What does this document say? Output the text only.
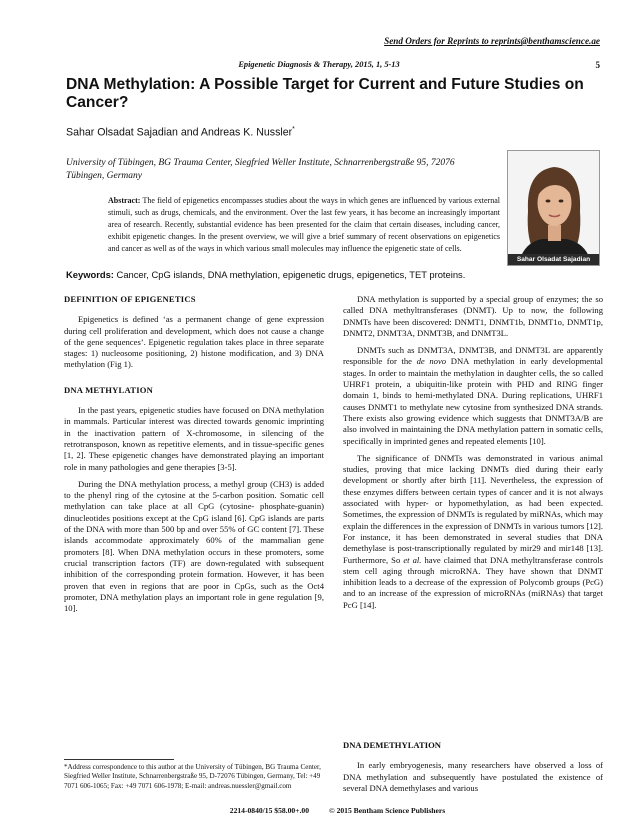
Send Orders for Reprints to reprints@benthamscience.ae
Epigenetic Diagnosis & Therapy, 2015, 1, 5-13	5
DNA Methylation: A Possible Target for Current and Future Studies on Cancer?
Sahar Olsadat Sajadian and Andreas K. Nussler*
University of Tübingen, BG Trauma Center, Siegfried Weller Institute, Schnarrenbergstraße 95, 72076 Tübingen, Germany
Abstract: The field of epigenetics encompasses studies about the ways in which genes are influenced by various external stimuli, such as drugs, chemicals, and the environment. Over the last few years, it has become an increasingly important area of research. Recently, substantial evidence has been presented for the claim that certain diseases, including cancer, exhibit epigenetic changes. In the present overview, we will give a brief summary of recent observations on epigenetics and cancer as well as of the ways in which various small molecules may influence the epigenetic state of cells.
Sahar Olsadat Sajadian
Keywords: Cancer, CpG islands, DNA methylation, epigenetic drugs, epigenetics, TET proteins.
DEFINITION OF EPIGENETICS

Epigenetics is defined ‘as a permanent change of gene expression during cell proliferation and development, which does not cause a change of the gene sequences’. Epigenetic regulation takes place in three separate stages: 1) nucleosome positioning, 2) histone modification, and 3) DNA methylation (Fig 1).

DNA METHYLATION

In the past years, epigenetic studies have focused on DNA methylation in mammals. Particular interest was directed towards genomic imprinting in the inactivation pattern of X-chromosome, in silencing of the retrotransposon, known as repetitive elements, and in tissue-specific genes [1, 2]. These epigenetic changes have demonstrated playing an important role in many pathologies and gene therapies [3-5].

During the DNA methylation process, a methyl group (CH3) is added to the phenyl ring of the cytosine at the 5-carbon position. Somatic cell methylation can take place at all CpG (cytosine- phosphate-guanin) dinucleotides positions except at the CpG island [6]. CpG islands are parts of the DNA with more than 500 bp and over 55% of GC content [7]. These islands accommodate approximately 60% of the mammalian gene promoters [8]. When DNA methylation occurs in these promoters, some crucial transcription factors (TF) are down-regulated with subsequent inhibition of the corresponding protein formation. However, it has been proven that even in regions that are poor in CpGs, such as the Oct4 promoter, DNA methylation plays an important role in gene regulation [9, 10].

DNA methylation is supported by a special group of enzymes; the so called DNA methyltransferases (DNMT). Up to now, the following DNMTs have been discovered: DNMT1, DNMT1b, DNMT1o, DNMT1p, DNMT2, DNMT3A, DNMT3B, and DNMT3L.

DNMTs such as DNMT3A, DNMT3B, and DNMT3L are apparently responsible for the de novo DNA methylation in early developmental stages. In order to maintain the methylation in daughter cells, the so called UHRF1 protein, a ubiquitin-like protein with PHD and RING finger domain 1, binds to hemi-methylated DNA. During replications, UHRF1 causes DNMT1 to methylate new cytosine from synthesized DNA strands. There exists also growing evidence which suggests that DNMT3A/B are also involved in maintaining the DNA methylation pattern in somatic cells, specifically in imprinted genes and repeated elements [10].

The significance of DNMTs was demonstrated in various animal studies, proving that mice lacking DNMTs died during their early development or shortly after birth [11]. Nevertheless, the expression of these enzymes differs between certain types of cancer and it is not always associated with hyper- or hypomethylation, as had been expected. Sometimes, the expression of DNMTs is regulated by miRNAs, which may explain the differences in the expression of DNMTs in various tumors [12]. For instance, it has been demonstrated in several studies that DNA demethylase is post-transcriptionally regulated by mir29 and mir148 [13]. Furthermore, So et al. have claimed that DNA methyltransferase controls stem cell aging through microRNA. They have shown that DNMT inhibition leads to a decrease of the expression of Polycomb groups (PcG) and to an increase of the expression of microRNAs (miRNAs) that target PcG [14].

DNA DEMETHYLATION

In early embryogenesis, many researchers have observed a loss of DNA methylation and subsequently have postulated the existence of several DNA demethylases and various

*Address correspondence to this author at the University of Tübingen, BG Trauma Center, Siegfried Weller Institute, Schnarrenbergstraße 95, D-72076 Tübingen, Germany, Tel: +49 7071 606-1065; Fax: +49 7071 606-1978; E-mail: andreas.nuessler@gmail.com
2214-0840/15 $58.00+.00	© 2015 Bentham Science Publishers
